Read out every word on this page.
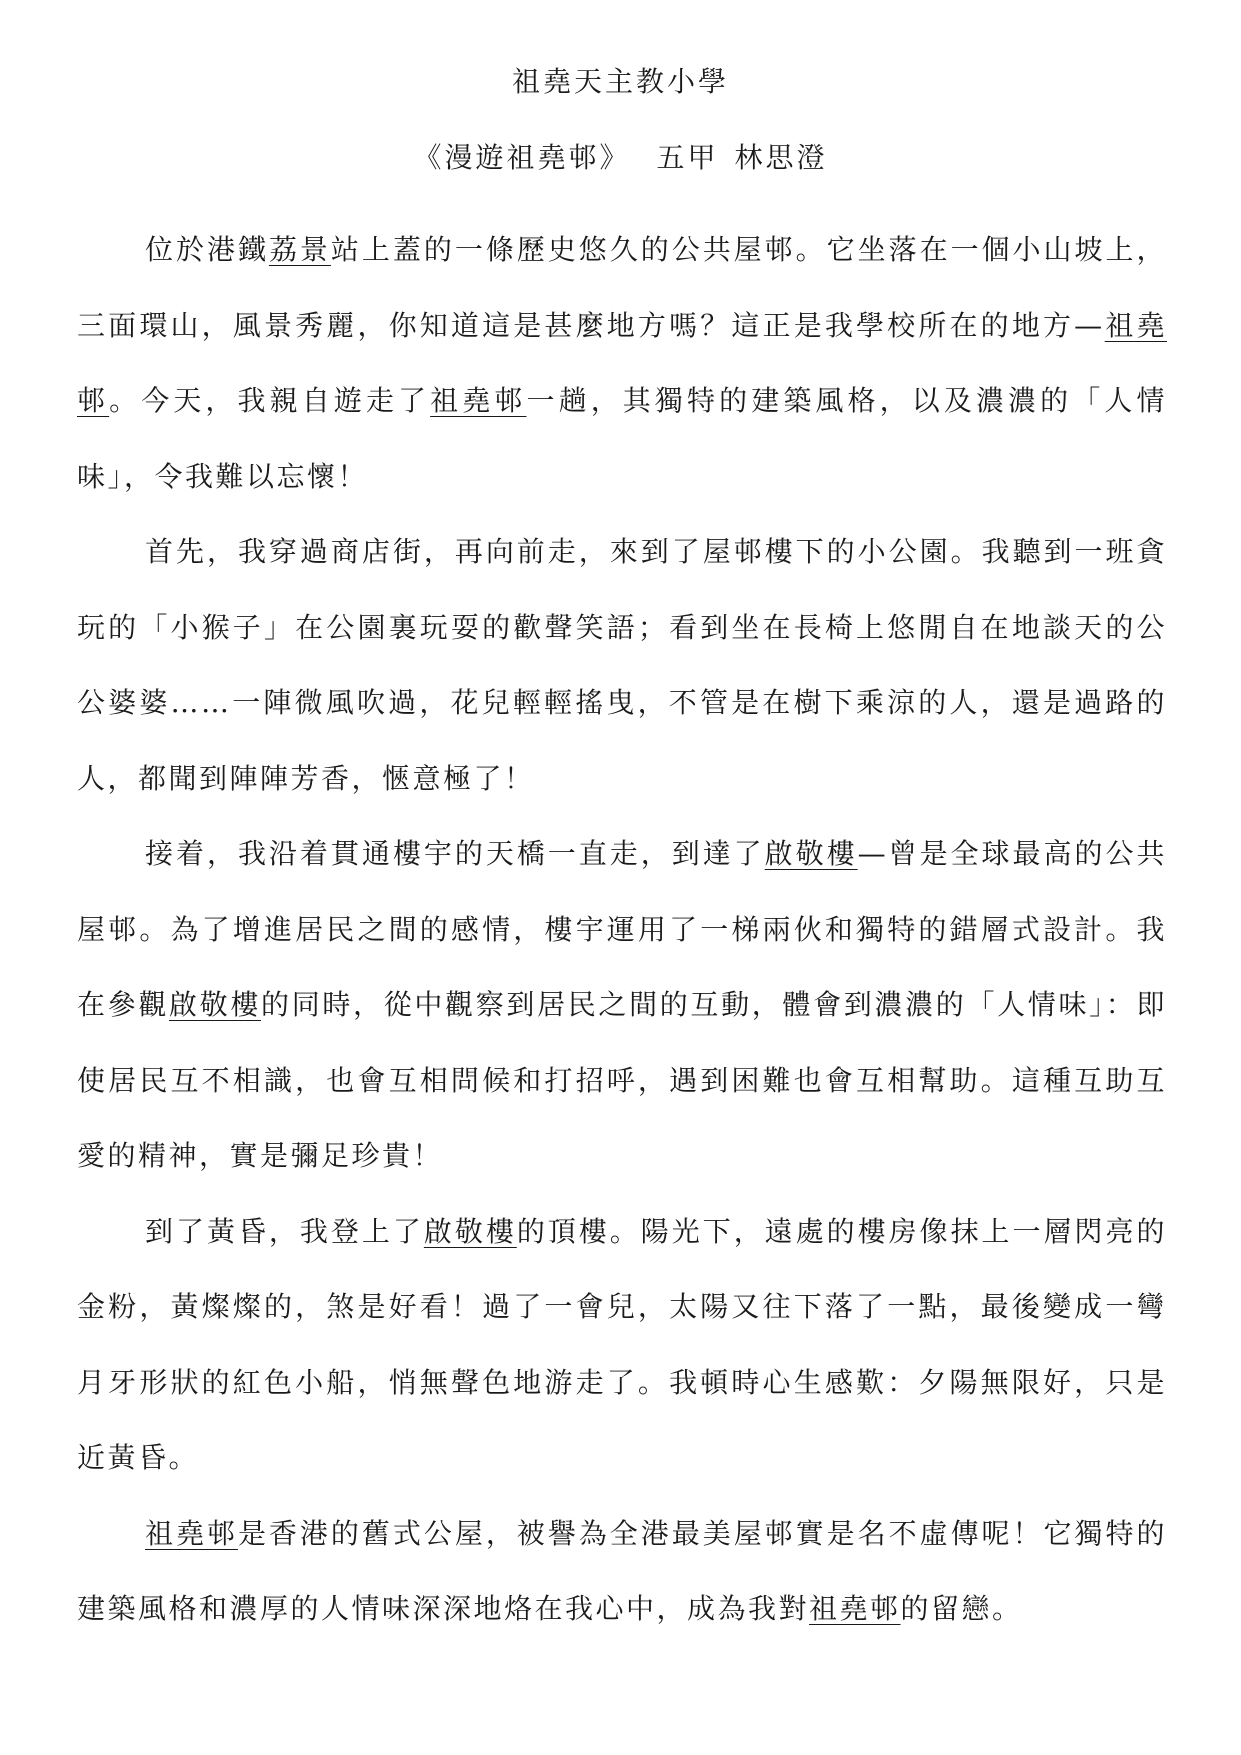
祖堯天主教小學
《漫遊祖堯邨》 五甲 林思澄

位於港鐵荔景站上蓋的一條歷史悠久的公共屋邨。它坐落在一個小山坡上，三面環山，風景秀麗，你知道這是甚麼地方嗎？這正是我學校所在的地方—祖堯邨。今天，我親自遊走了祖堯邨一趟，其獨特的建築風格，以及濃濃的「人情味」，令我難以忘懷！

首先，我穿過商店街，再向前走，來到了屋邨樓下的小公園。我聽到一班貪玩的「小猴子」在公園裏玩耍的歡聲笑語；看到坐在長椅上悠閒自在地談天的公公婆婆……一陣微風吹過，花兒輕輕搖曳，不管是在樹下乘涼的人，還是過路的人，都聞到陣陣芳香，愜意極了！

接着，我沿着貫通樓宇的天橋一直走，到達了啟敬樓—曾是全球最高的公共屋邨。為了增進居民之間的感情，樓宇運用了一梯兩伙和獨特的錯層式設計。我在參觀啟敬樓的同時，從中觀察到居民之間的互動，體會到濃濃的「人情味」：即使居民互不相識，也會互相問候和打招呼，遇到困難也會互相幫助。這種互助互愛的精神，實是彌足珍貴！

到了黃昏，我登上了啟敬樓的頂樓。陽光下，遠處的樓房像抹上一層閃亮的金粉，黃燦燦的，煞是好看！過了一會兒，太陽又往下落了一點，最後變成一彎月牙形狀的紅色小船，悄無聲色地游走了。我頓時心生感歎：夕陽無限好，只是近黃昏。

祖堯邨是香港的舊式公屋，被譽為全港最美屋邨實是名不虛傳呢！它獨特的建築風格和濃厚的人情味深深地烙在我心中，成為我對祖堯邨的留戀。
